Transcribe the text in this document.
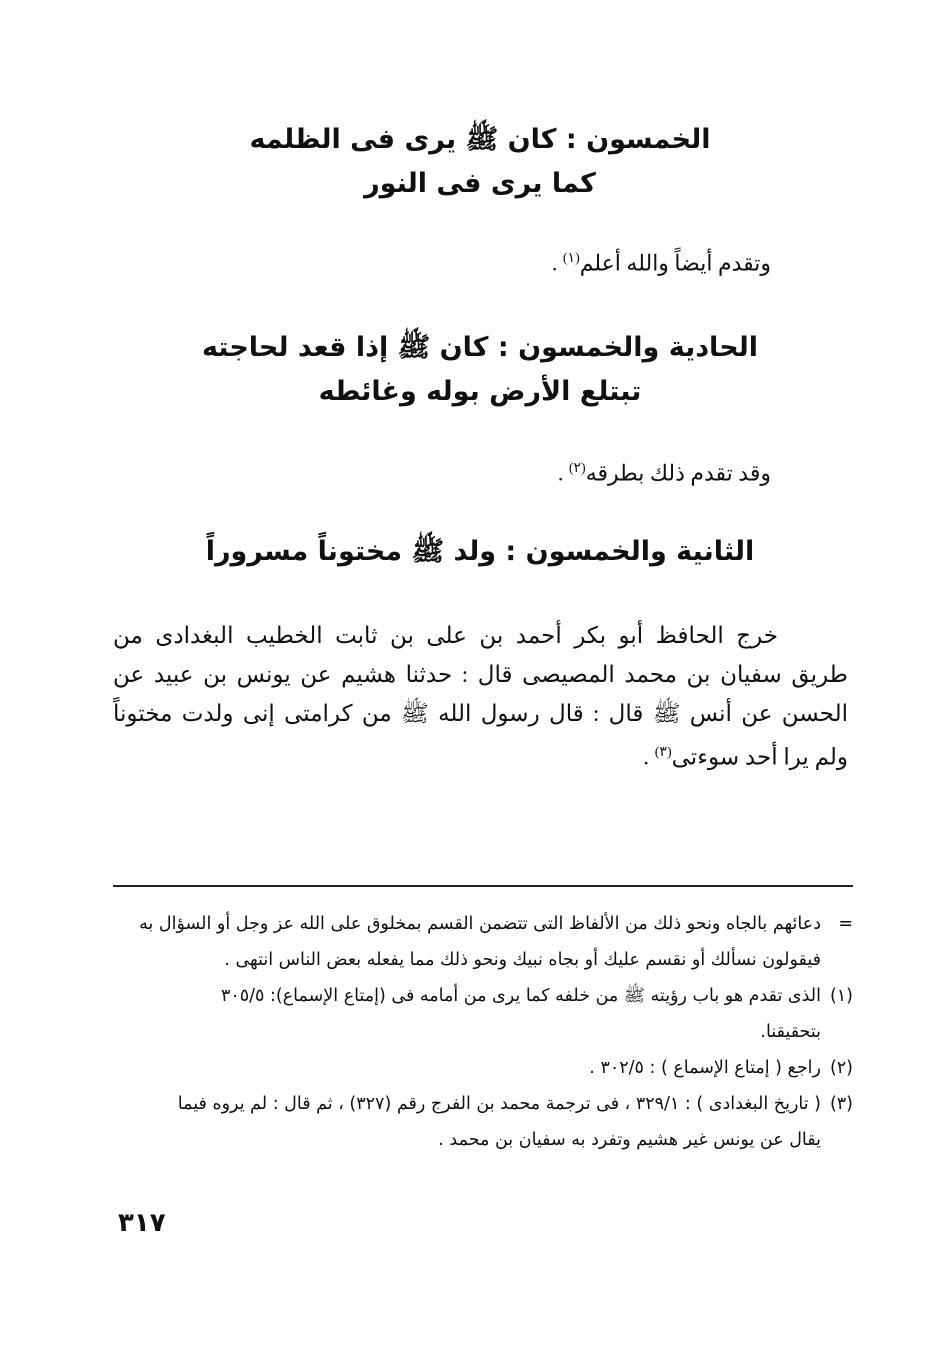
الخمسون : كان ﷺ يرى فى الظلمه
كما يرى فى النور
وتقدم أيضاً والله أعلم$^{(١)}$ .
الحادية والخمسون : كان ﷺ إذا قعد لحاجته
تبتلع الأرض بوله وغائطه
وقد تقدم ذلك بطرقه$^{(٢)}$ .
الثانية والخمسون : ولد ﷺ مختوناً مسروراً
خرج الحافظ أبو بكر أحمد بن على بن ثابت الخطيب البغدادى من
طريق سفيان بن محمد المصيصى قال : حدثنا هشيم عن يونس بن عبيد عن
الحسن عن أنس ﷺ قال : قال رسول الله ﷺ من كرامتى إنى ولدت مختوناً
ولم يرا أحد سوءتى$^{(٣)}$ .
=
دعائهم بالجاه ونحو ذلك من الألفاظ التى تتضمن القسم بمخلوق على الله عز وجل أو السؤال به
فيقولون نسألك أو نقسم عليك أو بجاه نبيك ونحو ذلك مما يفعله بعض الناس انتهى .
(١)
الذى تقدم هو باب رؤيته ﷺ من خلفه كما يرى من أمامه فى (إمتاع الإسماع): ٣٠٥/٥
بتحقيقنا.
(٢)
راجع ( إمتاع الإسماع ) : ٣٠٢/٥ .
(٣)
( تاريخ البغدادى ) : ٣٢٩/١ ، فى ترجمة محمد بن الفرج رقم (٣٢٧) ، ثم قال : لم يروه فيما
يقال عن يونس غير هشيم وتفرد به سفيان بن محمد .
٣١٧
